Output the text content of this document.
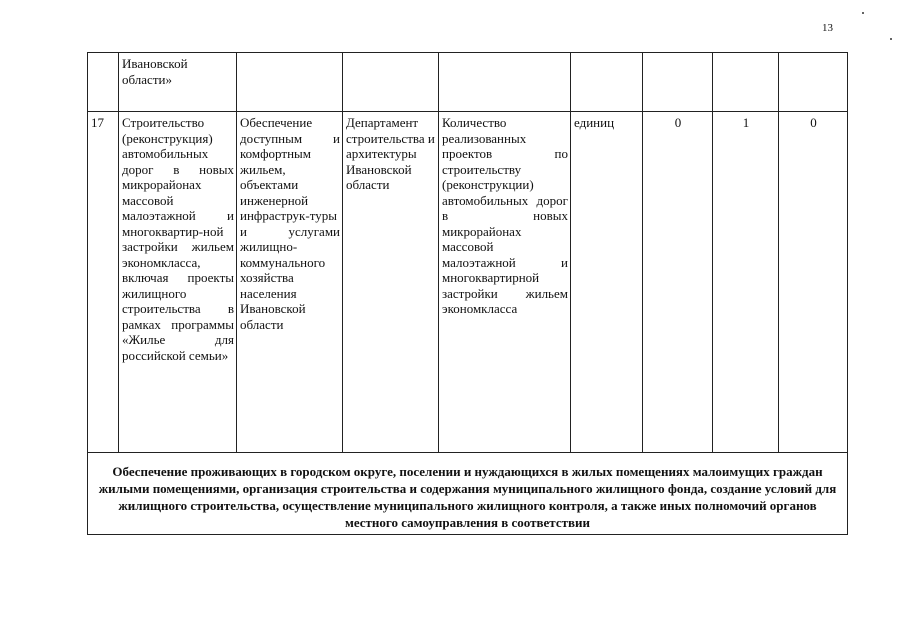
13
	Ивановской области»							
17	Строительство (реконструкция) автомобильных дорог в новых микрорайонах массовой малоэтажной и многоквартир-ной застройки жильем экономкласса, включая проекты жилищного строительства в рамках программы «Жилье для российской семьи»	Обеспечение доступным и комфортным жильем, объектами инженерной инфраструк-туры и услугами жилищно-коммунального хозяйства населения Ивановской области	Департамент строительства и архитектуры Ивановской области	Количество реализованных проектов по строительству (реконструкции) автомобильных дорог в новых микрорайонах массовой малоэтажной и многоквартирной застройки жильем экономкласса	единиц	0	1	0
Обеспечение проживающих в городском округе, поселении и нуждающихся в жилых помещениях малоимущих граждан жилыми помещениями, организация строительства и содержания муниципального жилищного фонда, создание условий для жилищного строительства, осуществление муниципального жилищного контроля, а также иных полномочий органов местного самоуправления в соответствии								
